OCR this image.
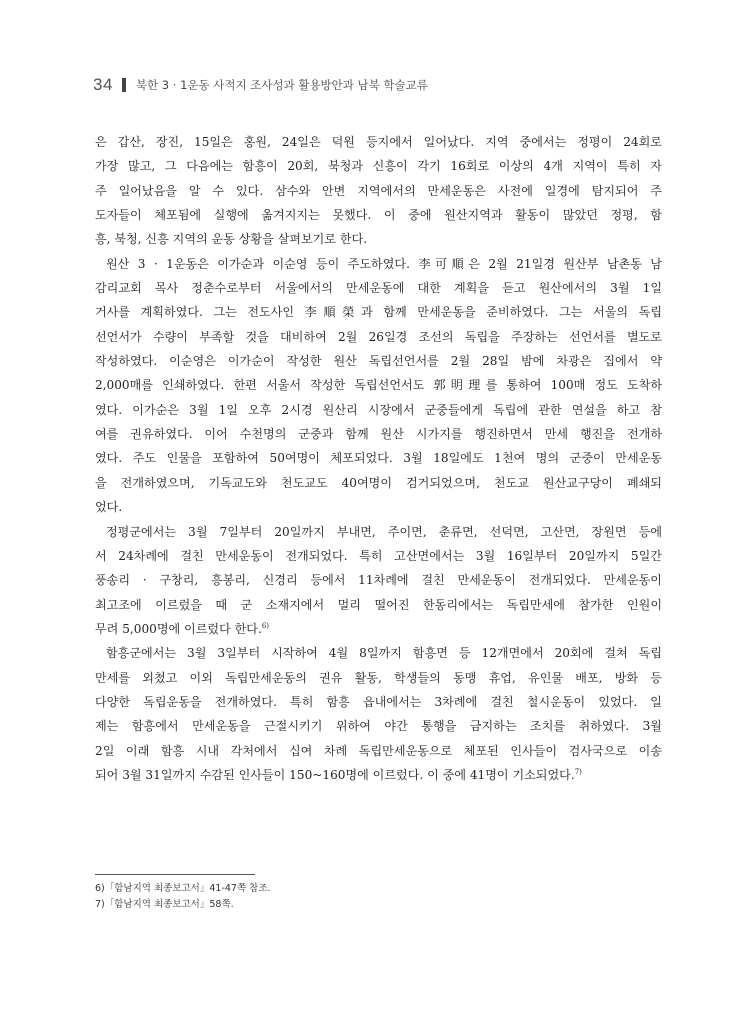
34 북한 3 · 1운동 사적지 조사성과 활용방안과 남북 학술교류
은 갑산, 장진, 15일은 홍원, 24일은 덕원 등지에서 일어났다. 지역 중에서는 정평이 24회로
가장 많고, 그 다음에는 함흥이 20회, 북청과 신흥이 각기 16회로 이상의 4개 지역이 특히 자
주 일어났음을 알 수 있다. 삼수와 안변 지역에서의 만세운동은 사전에 일경에 탐지되어 주
도자들이 체포됨에 실행에 옮겨지지는 못했다. 이 중에 원산지역과 활동이 많았던 정평, 함
흥, 북청, 신흥 지역의 운동 상황을 살펴보기로 한다.
원산 3 · 1운동은 이가순과 이순영 등이 주도하였다. 李可順은 2월 21일경 원산부 남촌동 남
감리교회 목사 정춘수로부터 서울에서의 만세운동에 대한 계획을 듣고 원산에서의 3월 1일
거사를 계획하였다. 그는 전도사인 李順榮과 함께 만세운동을 준비하였다. 그는 서울의 독립
선언서가 수량이 부족할 것을 대비하여 2월 26일경 조선의 독립을 주장하는 선언서를 별도로
작성하였다. 이순영은 이가순이 작성한 원산 독립선언서를 2월 28일 밤에 차광은 집에서 약
2,000매를 인쇄하였다. 한편 서울서 작성한 독립선언서도 郭明理를 통하여 100매 정도 도착하
였다. 이가순은 3월 1일 오후 2시경 원산리 시장에서 군중들에게 독립에 관한 연설을 하고 참
여를 권유하였다. 이어 수천명의 군중과 함께 원산 시가지를 행진하면서 만세 행진을 전개하
였다. 주도 인물을 포함하여 50여명이 체포되었다. 3월 18일에도 1천여 명의 군중이 만세운동
을 전개하였으며, 기독교도와 천도교도 40여명이 검거되었으며, 천도교 원산교구당이 폐쇄되
었다.
정평군에서는 3월 7일부터 20일까지 부내면, 주이면, 춘류면, 선덕면, 고산면, 장원면 등에
서 24차례에 걸친 만세운동이 전개되었다. 특히 고산면에서는 3월 16일부터 20일까지 5일간
풍송리 · 구창리, 흥봉리, 신경리 등에서 11차례에 걸친 만세운동이 전개되었다. 만세운동이
최고조에 이르렀을 때 군 소재지에서 멀리 떨어진 한동리에서는 독립만세에 참가한 인원이
무려 5,000명에 이르렀다 한다.$^{6)}$
함흥군에서는 3월 3일부터 시작하여 4월 8일까지 함흥면 등 12개면에서 20회에 걸쳐 독립
만세를 외쳤고 이외 독립만세운동의 권유 활동, 학생들의 동맹 휴업, 유인물 배포, 방화 등
다양한 독립운동을 전개하였다. 특히 함흥 읍내에서는 3차례에 걸친 철시운동이 있었다. 일
제는 함흥에서 만세운동을 근절시키기 위하여 야간 통행을 금지하는 조치를 취하였다. 3월
2일 이래 함흥 시내 각처에서 십여 차례 독립만세운동으로 체포된 인사들이 검사국으로 이송
되어 3월 31일까지 수감된 인사들이 150~160명에 이르렀다. 이 중에 41명이 기소되었다.$^{7)}$
6)「함남지역 최종보고서」41-47쪽 참조.
7)「함남지역 최종보고서」58쪽.
